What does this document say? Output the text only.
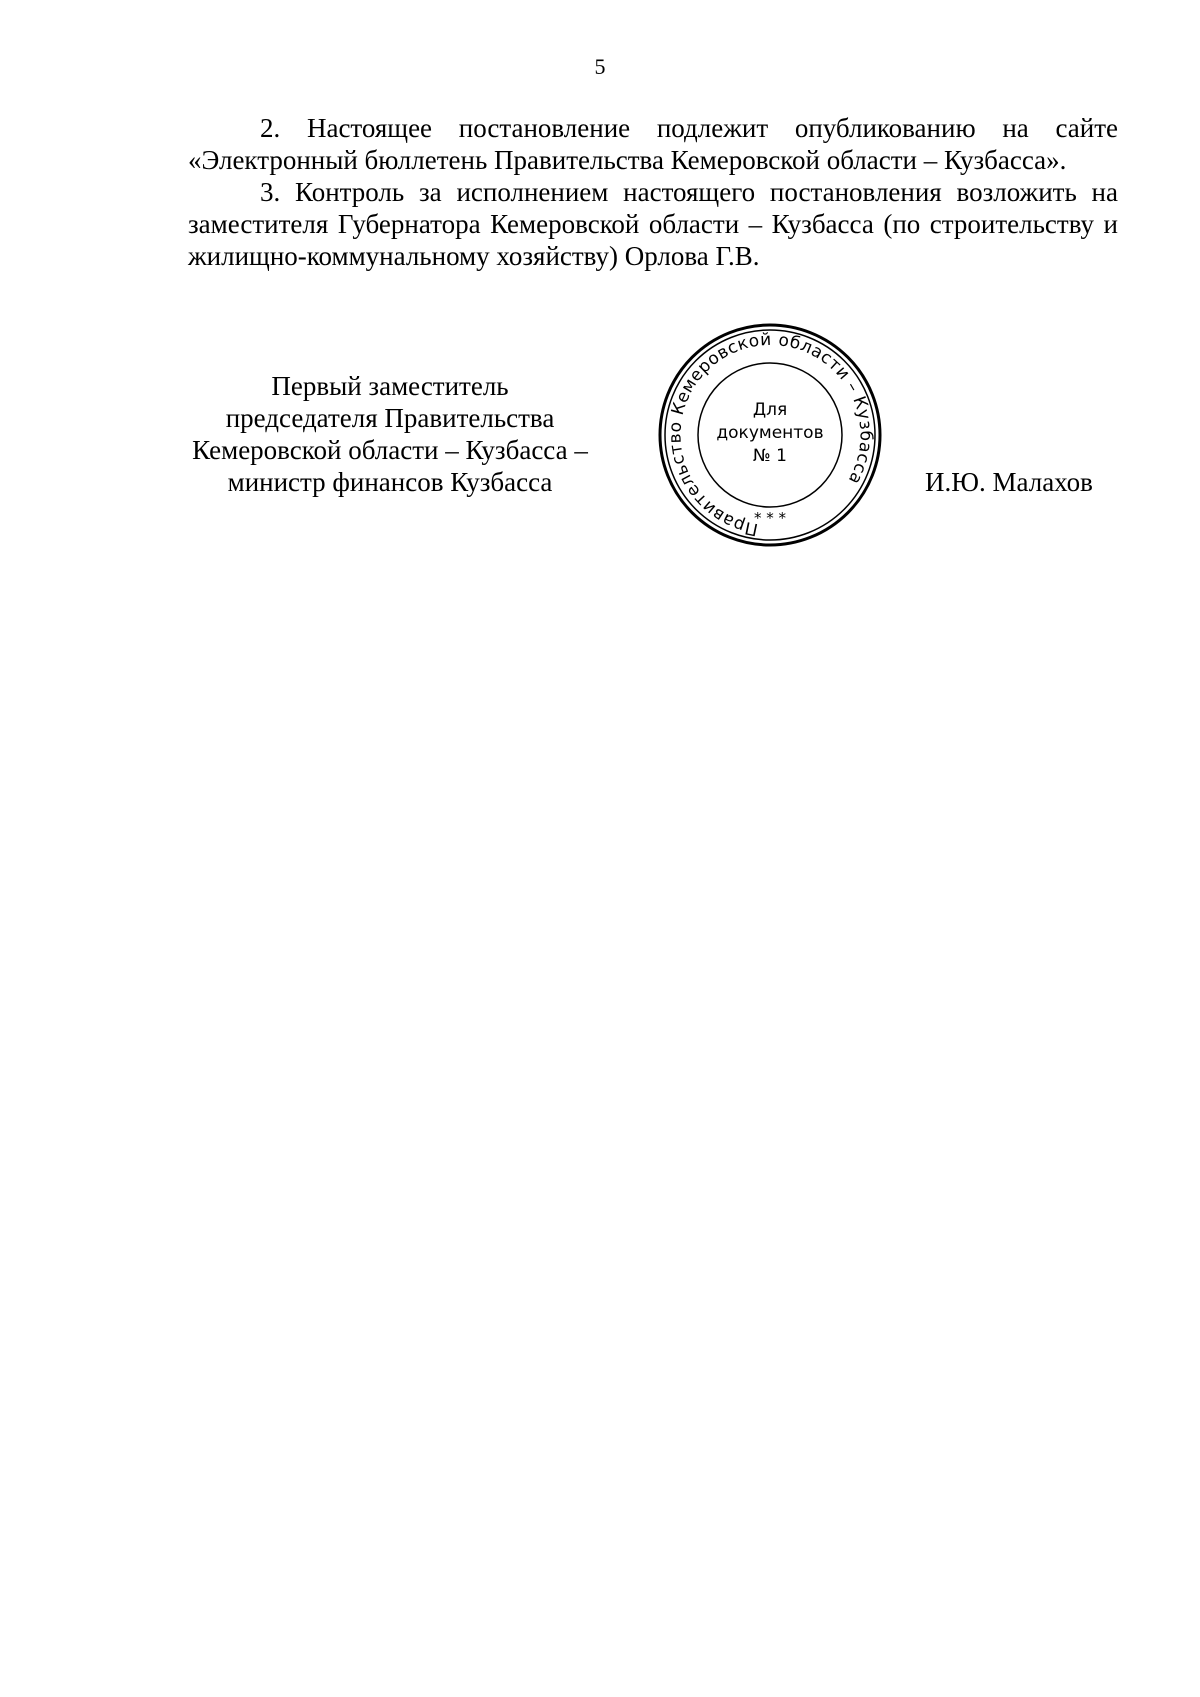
5

2. Настоящее постановление подлежит опубликованию на сайте «Электронный бюллетень Правительства Кемеровской области – Кузбасса».

3. Контроль за исполнением настоящего постановления возложить на заместителя Губернатора Кемеровской области – Кузбасса (по строительству и жилищно-коммунальному хозяйству) Орлова Г.В.

Первый заместитель
председателя Правительства
Кемеровской области – Кузбасса –
министр финансов Кузбасса	И.Ю. Малахов
Правительство Кемеровской области – Кузбасса
Для
документов
№ 1
* * *
